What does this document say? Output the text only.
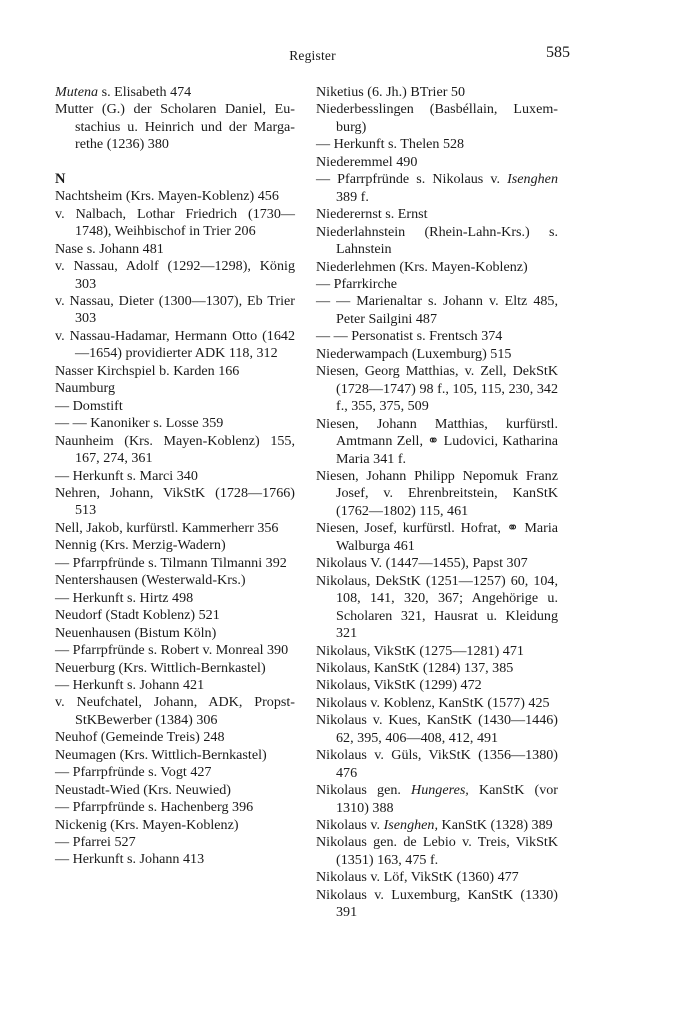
Register	585
Mutena s. Elisabeth 474
Mutter (G.) der Scholaren Daniel, Eustachius u. Heinrich und der Margarethe (1236) 380
N
Nachtsheim (Krs. Mayen-Koblenz) 456
v. Nalbach, Lothar Friedrich (1730—1748), Weihbischof in Trier 206
Nase s. Johann 481
v. Nassau, Adolf (1292—1298), König 303
v. Nassau, Dieter (1300—1307), Eb Trier 303
v. Nassau-Hadamar, Hermann Otto (1642—1654) providierter ADK 118, 312
Nasser Kirchspiel b. Karden 166
Naumburg
— Domstift
— — Kanoniker s. Losse 359
Naunheim (Krs. Mayen-Koblenz) 155, 167, 274, 361
— Herkunft s. Marci 340
Nehren, Johann, VikStK (1728—1766) 513
Nell, Jakob, kurfürstl. Kammerherr 356
Nennig (Krs. Merzig-Wadern)
— Pfarrpfründe s. Tilmann Tilmanni 392
Nentershausen (Westerwald-Krs.)
— Herkunft s. Hirtz 498
Neudorf (Stadt Koblenz) 521
Neuenhausen (Bistum Köln)
— Pfarrpfründe s. Robert v. Monreal 390
Neuerburg (Krs. Wittlich-Bernkastel)
— Herkunft s. Johann 421
v. Neufchatel, Johann, ADK, Propst-StKBewerber (1384) 306
Neuhof (Gemeinde Treis) 248
Neumagen (Krs. Wittlich-Bernkastel)
— Pfarrpfründe s. Vogt 427
Neustadt-Wied (Krs. Neuwied)
— Pfarrpfründe s. Hachenberg 396
Nickenig (Krs. Mayen-Koblenz)
— Pfarrei 527
— Herkunft s. Johann 413
Niketius (6. Jh.) BTrier 50
Niederbesslingen (Basbéllain, Luxemburg)
— Herkunft s. Thelen 528
Niederemmel 490
— Pfarrpfründe s. Nikolaus v. Isenghen 389 f.
Niederernst s. Ernst
Niederlahnstein (Rhein-Lahn-Krs.) s. Lahnstein
Niederlehmen (Krs. Mayen-Koblenz)
— Pfarrkirche
— — Marienaltar s. Johann v. Eltz 485, Peter Sailgini 487
— — Personatist s. Frentsch 374
Niederwampach (Luxemburg) 515
Niesen, Georg Matthias, v. Zell, DekStK (1728—1747) 98 f., 105, 115, 230, 342 f., 355, 375, 509
Niesen, Johann Matthias, kurfürstl. Amtmann Zell, ⚭ Ludovici, Katharina Maria 341 f.
Niesen, Johann Philipp Nepomuk Franz Josef, v. Ehrenbreitstein, KanStK (1762—1802) 115, 461
Niesen, Josef, kurfürstl. Hofrat, ⚭ Maria Walburga 461
Nikolaus V. (1447—1455), Papst 307
Nikolaus, DekStK (1251—1257) 60, 104, 108, 141, 320, 367; Angehörige u. Scholaren 321, Hausrat u. Kleidung 321
Nikolaus, VikStK (1275—1281) 471
Nikolaus, KanStK (1284) 137, 385
Nikolaus, VikStK (1299) 472
Nikolaus v. Koblenz, KanStK (1577) 425
Nikolaus v. Kues, KanStK (1430—1446) 62, 395, 406—408, 412, 491
Nikolaus v. Güls, VikStK (1356—1380) 476
Nikolaus gen. Hungeres, KanStK (vor 1310) 388
Nikolaus v. Isenghen, KanStK (1328) 389
Nikolaus gen. de Lebio v. Treis, VikStK (1351) 163, 475 f.
Nikolaus v. Löf, VikStK (1360) 477
Nikolaus v. Luxemburg, KanStK (1330) 391
